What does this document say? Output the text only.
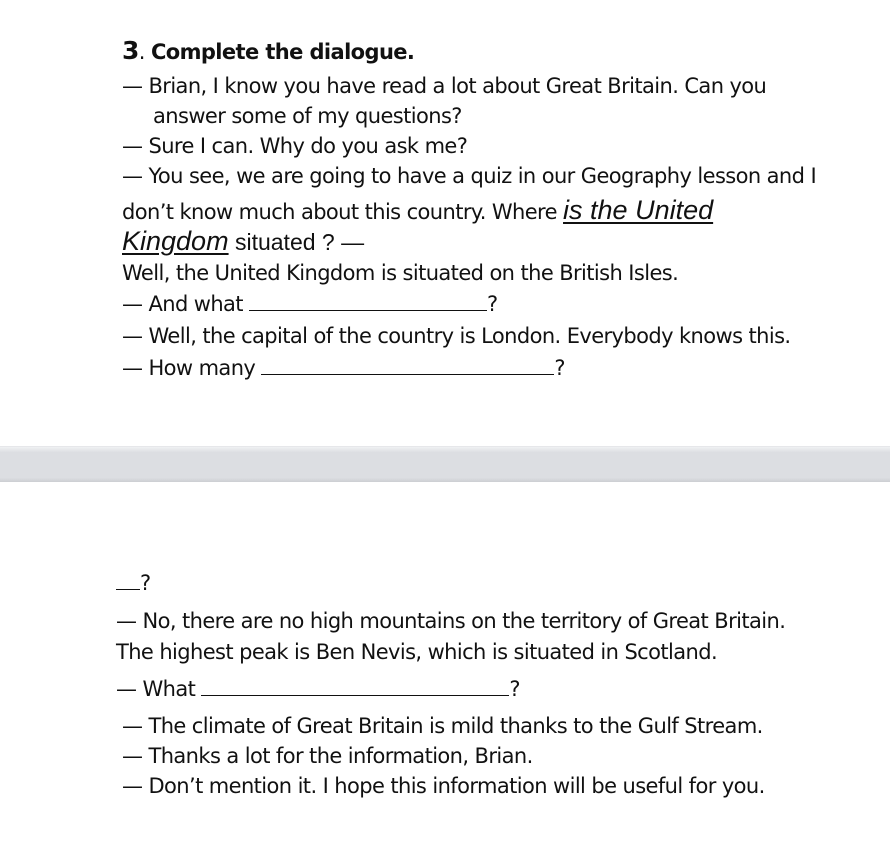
3. Complete the dialogue.
— Brian, I know you have read a lot about Great Britain. Can you
answer some of my questions?
— Sure I can. Why do you ask me?
— You see, we are going to have a quiz in our Geography lesson and I
don’t know much about this country. Where is the United
Kingdom situated ? —
Well, the United Kingdom is situated on the British Isles.
— And what	?
— Well, the capital of the country is London. Everybody knows this.
— How many	?
?
— No, there are no high mountains on the territory of Great Britain.
The highest peak is Ben Nevis, which is situated in Scotland.
— What	?
— The climate of Great Britain is mild thanks to the Gulf Stream.
— Thanks a lot for the information, Brian.
— Don’t mention it. I hope this information will be useful for you.
